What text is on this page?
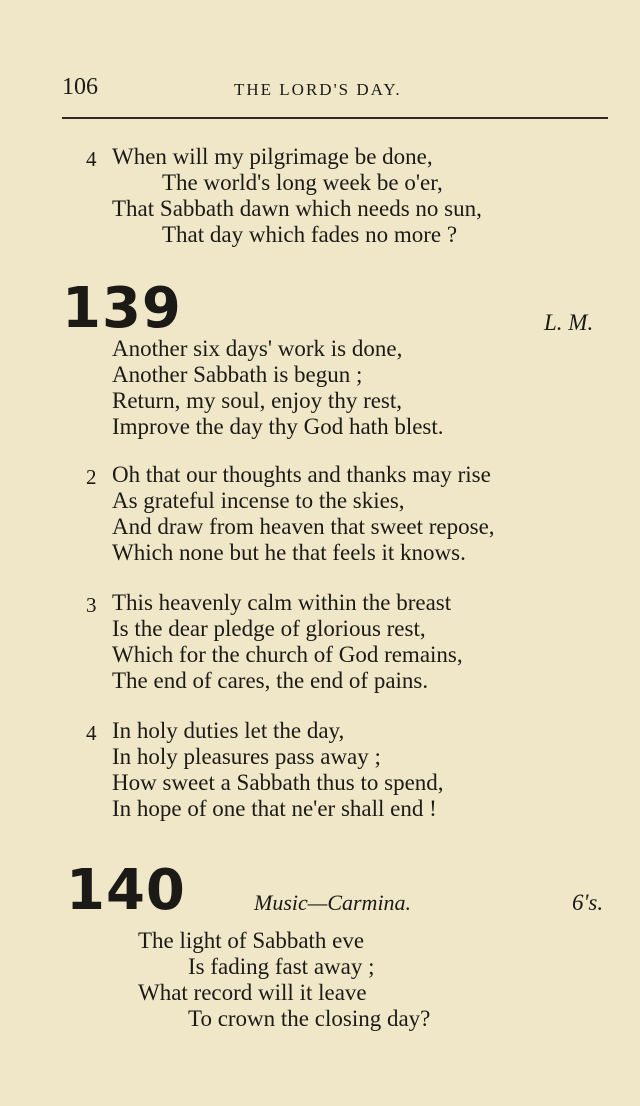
106	THE LORD'S DAY.
4 When will my pilgrimage be done,
The world's long week be o'er,
That Sabbath dawn which needs no sun,
That day which fades no more ?
139	L. M.
Another six days' work is done,
Another Sabbath is begun ;
Return, my soul, enjoy thy rest,
Improve the day thy God hath blest.
2 Oh that our thoughts and thanks may rise
As grateful incense to the skies,
And draw from heaven that sweet repose,
Which none but he that feels it knows.
3 This heavenly calm within the breast
Is the dear pledge of glorious rest,
Which for the church of God remains,
The end of cares, the end of pains.
4 In holy duties let the day,
In holy pleasures pass away ;
How sweet a Sabbath thus to spend,
In hope of one that ne'er shall end !
140	Music—Carmina.	6's.
The light of Sabbath eve
Is fading fast away ;
What record will it leave
To crown the closing day?
